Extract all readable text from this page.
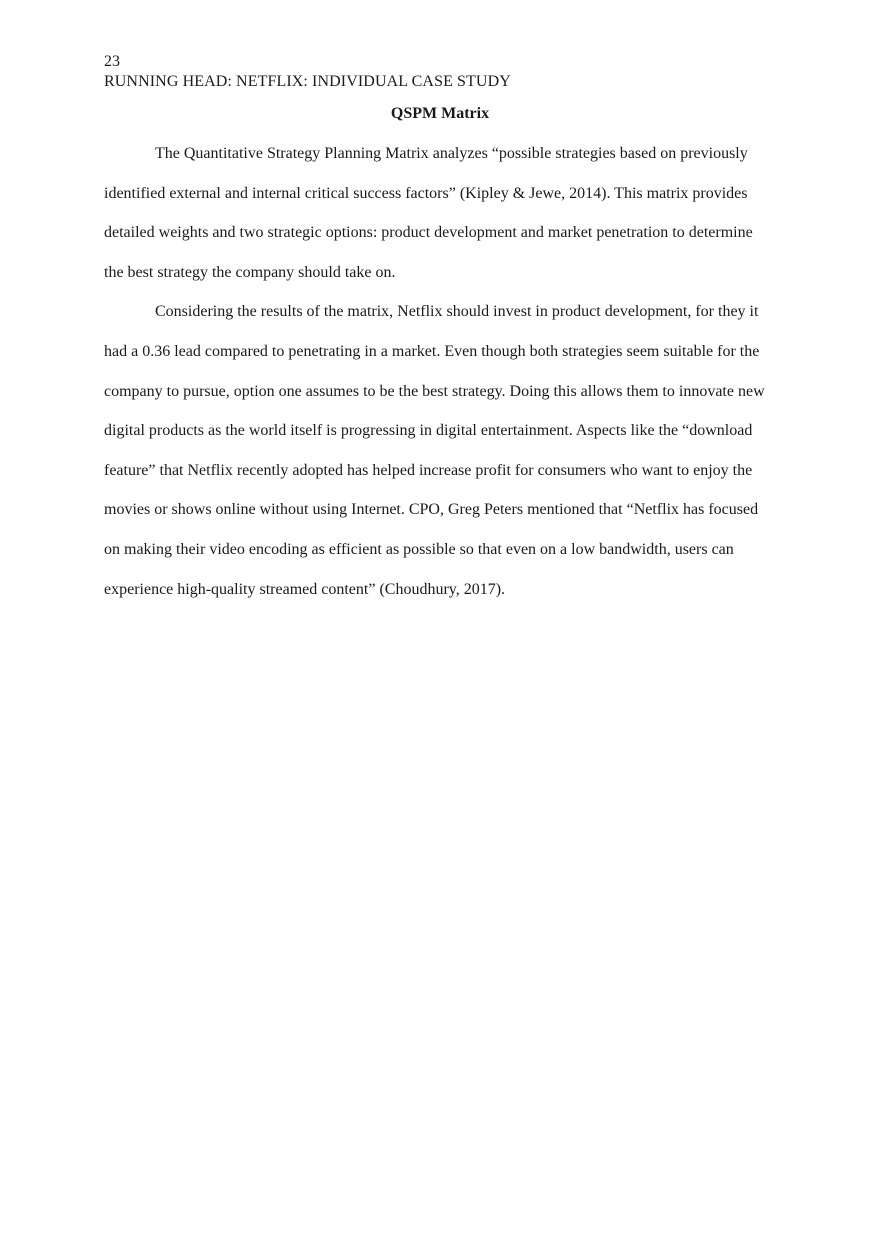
23
RUNNING HEAD: NETFLIX: INDIVIDUAL CASE STUDY
QSPM Matrix

The Quantitative Strategy Planning Matrix analyzes “possible strategies based on previously identified external and internal critical success factors” (Kipley & Jewe, 2014). This matrix provides detailed weights and two strategic options: product development and market penetration to determine the best strategy the company should take on.

Considering the results of the matrix, Netflix should invest in product development, for they it had a 0.36 lead compared to penetrating in a market. Even though both strategies seem suitable for the company to pursue, option one assumes to be the best strategy. Doing this allows them to innovate new digital products as the world itself is progressing in digital entertainment. Aspects like the “download feature” that Netflix recently adopted has helped increase profit for consumers who want to enjoy the movies or shows online without using Internet. CPO, Greg Peters mentioned that “Netflix has focused on making their video encoding as efficient as possible so that even on a low bandwidth, users can experience high-quality streamed content” (Choudhury, 2017).
